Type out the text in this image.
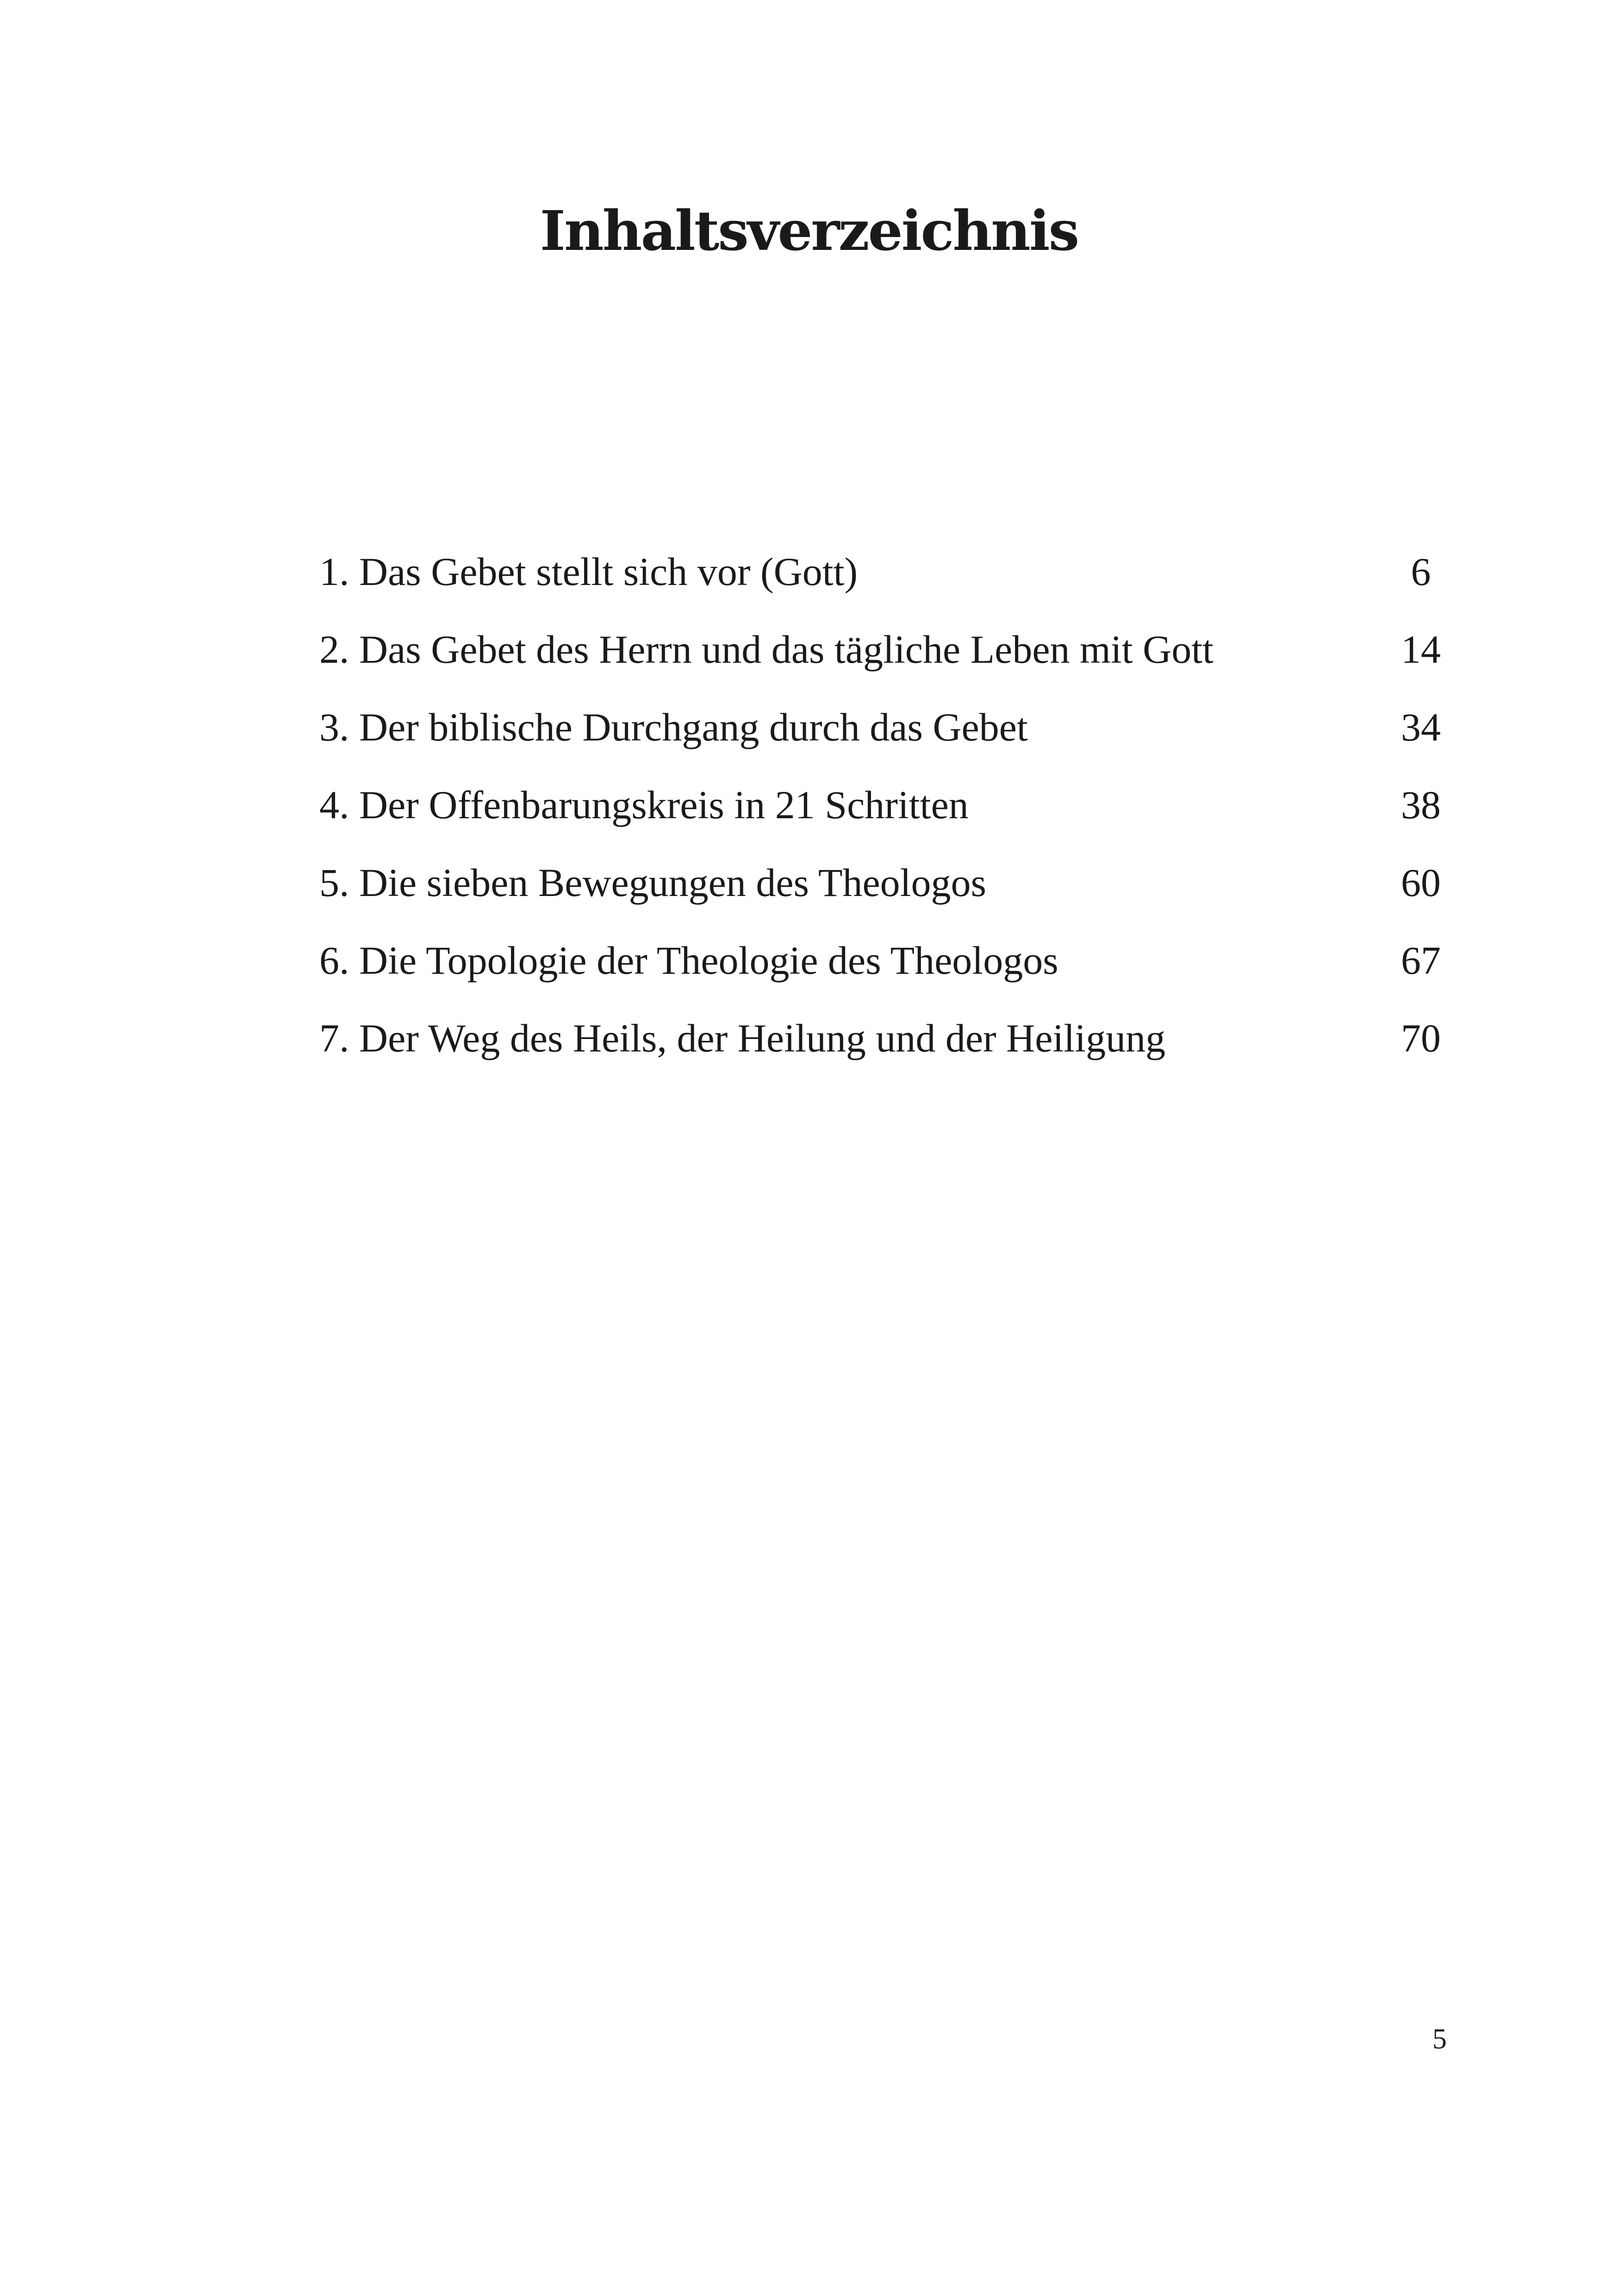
Inhaltsverzeichnis
1. Das Gebet stellt sich vor (Gott)	6
2. Das Gebet des Herrn und das tägliche Leben mit Gott	14
3. Der biblische Durchgang durch das Gebet	34
4. Der Offenbarungskreis in 21 Schritten	38
5. Die sieben Bewegungen des Theologos	60
6. Die Topologie der Theologie des Theologos	67
7. Der Weg des Heils, der Heilung und der Heiligung	70
5
